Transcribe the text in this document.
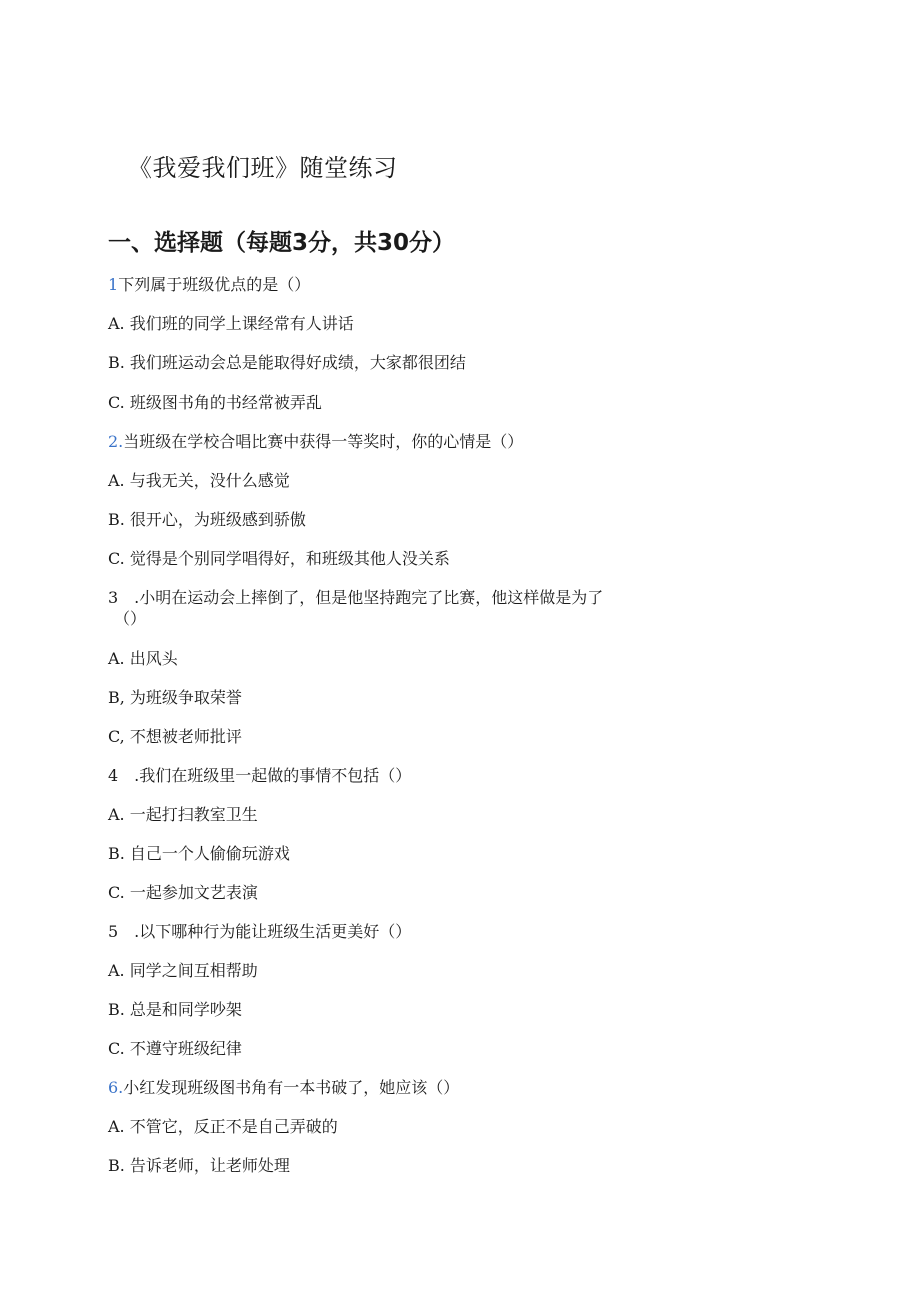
《我爱我们班》随堂练习
一、选择题（每题3分，共30分）
1下列属于班级优点的是（）
A. 我们班的同学上课经常有人讲话
B. 我们班运动会总是能取得好成绩，大家都很团结
C. 班级图书角的书经常被弄乱
2.当班级在学校合唱比赛中获得一等奖时，你的心情是（）
A. 与我无关，没什么感觉
B. 很开心，为班级感到骄傲
C. 觉得是个别同学唱得好，和班级其他人没关系
3　.小明在运动会上摔倒了，但是他坚持跑完了比赛，他这样做是为了
（）
A. 出风头
B, 为班级争取荣誉
C, 不想被老师批评
4　.我们在班级里一起做的事情不包括（）
A. 一起打扫教室卫生
B. 自己一个人偷偷玩游戏
C. 一起参加文艺表演
5　.以下哪种行为能让班级生活更美好（）
A. 同学之间互相帮助
B. 总是和同学吵架
C. 不遵守班级纪律
6.小红发现班级图书角有一本书破了，她应该（）
A. 不管它，反正不是自己弄破的
B. 告诉老师，让老师处理
